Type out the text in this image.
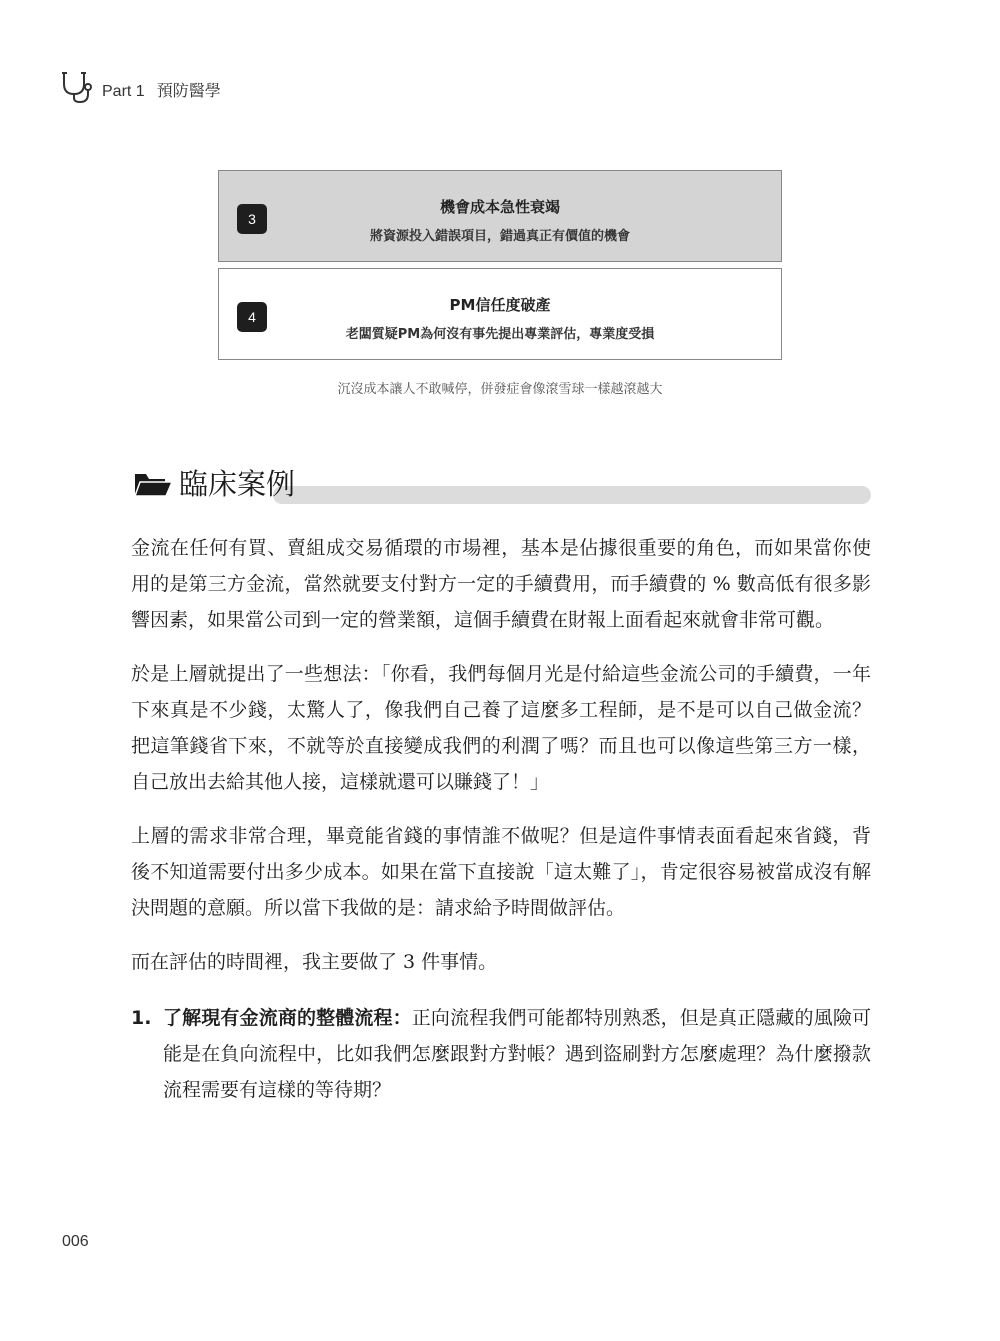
Part 1 預防醫學
3
機會成本急性衰竭
將資源投入錯誤項目，錯過真正有價值的機會
4
PM信任度破產
老闆質疑PM為何沒有事先提出專業評估，專業度受損
沉沒成本讓人不敢喊停，併發症會像滾雪球一樣越滾越大
臨床案例

金流在任何有買、賣組成交易循環的市場裡，基本是佔據很重要的角色，而如果當你使用的是第三方金流，當然就要支付對方一定的手續費用，而手續費的 % 數高低有很多影響因素，如果當公司到一定的營業額，這個手續費在財報上面看起來就會非常可觀。

於是上層就提出了一些想法：「你看，我們每個月光是付給這些金流公司的手續費，一年下來真是不少錢，太驚人了，像我們自己養了這麼多工程師，是不是可以自己做金流？把這筆錢省下來，不就等於直接變成我們的利潤了嗎？而且也可以像這些第三方一樣，自己放出去給其他人接，這樣就還可以賺錢了！」

上層的需求非常合理，畢竟能省錢的事情誰不做呢？但是這件事情表面看起來省錢，背後不知道需要付出多少成本。如果在當下直接說「這太難了」，肯定很容易被當成沒有解決問題的意願。所以當下我做的是：請求給予時間做評估。

而在評估的時間裡，我主要做了 3 件事情。

1. 了解現有金流商的整體流程：正向流程我們可能都特別熟悉，但是真正隱藏的風險可能是在負向流程中，比如我們怎麼跟對方對帳？遇到盜刷對方怎麼處理？為什麼撥款流程需要有這樣的等待期？
006
